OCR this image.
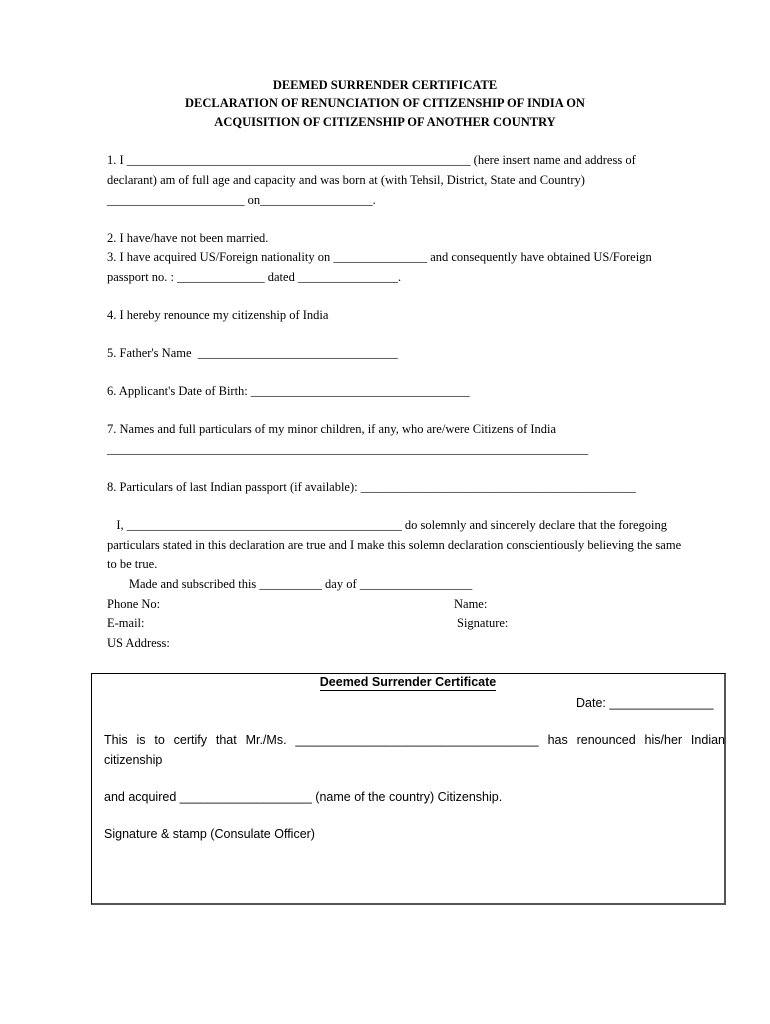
DEEMED SURRENDER CERTIFICATE
DECLARATION OF RENUNCIATION OF CITIZENSHIP OF INDIA ON
ACQUISITION OF CITIZENSHIP OF ANOTHER COUNTRY
1. I _______________________________________________________ (here insert name and address of
declarant) am of full age and capacity and was born at (with Tehsil, District, State and Country)
______________________ on__________________.
2. I have/have not been married.
3. I have acquired US/Foreign nationality on _______________ and consequently have obtained US/Foreign
passport no. : ______________ dated ________________.
4. I hereby renounce my citizenship of India
5. Father's Name  ________________________________
6. Applicant's Date of Birth: ___________________________________
7. Names and full particulars of my minor children, if any, who are/were Citizens of India
_____________________________________________________________________________
8. Particulars of last Indian passport (if available): ____________________________________________
I, ____________________________________________ do solemnly and sincerely declare that the foregoing
particulars stated in this declaration are true and I make this solemn declaration conscientiously believing the same
to be true.
Made and subscribed this __________ day of __________________
Phone No:	Name:
E-mail:	Signature:
US Address:
Deemed Surrender Certificate
Date: _______________
This is to certify that Mr./Ms. ___________________________________ has renounced his/her Indian
citizenship
and acquired ___________________ (name of the country) Citizenship.
Signature & stamp (Consulate Officer)
